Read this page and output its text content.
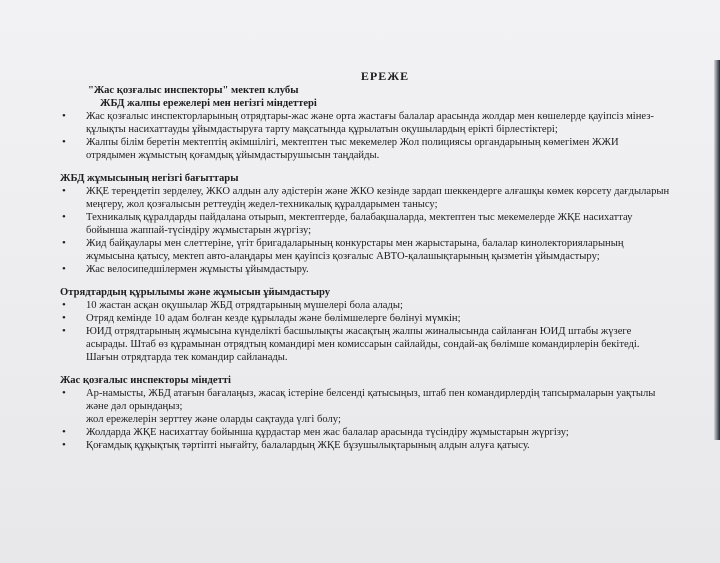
ЕРЕЖЕ
"Жас қозғалыс инспекторы" мектеп клубы

ЖБД жалпы ережелері мен негізгі міндеттері

• Жас қозғалыс инспекторларының отрядтары-жас және орта жастағы балалар арасында жолдар мен көшелерде қауіпсіз мінез-құлықты насихаттауды ұйымдастыруға тарту мақсатында құрылатын оқушылардың ерікті бірлестіктері;
• Жалпы білім беретін мектептің әкімшілігі, мектептен тыс мекемелер Жол полициясы органдарының көмегімен ЖЖИ отрядымен жұмыстың қоғамдық ұйымдастырушысын таңдайды.

ЖБД жұмысының негізгі бағыттары

• ЖҚЕ тереңдетіп зерделеу, ЖКО алдын алу әдістерін және ЖКО кезінде зардап шеккендерге алғашқы көмек көрсету дағдыларын меңгеру, жол қозғалысын реттеудің жедел-техникалық құралдарымен танысу;
• Техникалық құралдарды пайдалана отырып, мектептерде, балабақшаларда, мектептен тыс мекемелерде ЖҚЕ насихаттау бойынша жаппай-түсіндіру жұмыстарын жүргізу;
• Жид байқаулары мен слеттеріне, үгіт бригадаларының конкурстары мен жарыстарына, балалар кинолекторияларының жұмысына қатысу, мектеп авто-алаңдары мен қауіпсіз қозғалыс АВТО-қалашықтарының қызметін ұйымдастыру;
• Жас велосипедшілермен жұмысты ұйымдастыру.

Отрядтардың құрылымы және жұмысын ұйымдастыру

• 10 жастан асқан оқушылар ЖБД отрядтарының мүшелері бола алады;
• Отряд кемінде 10 адам болған кезде құрылады және бөлімшелерге бөлінуі мүмкін;
• ЮИД отрядтарының жұмысына күнделікті басшылықты жасақтың жалпы жиналысында сайланған ЮИД штабы жүзеге асырады. Штаб өз құрамынан отрядтың командирі мен комиссарын сайлайды, сондай-ақ бөлімше командирлерін бекітеді. Шағын отрядтарда тек командир сайланады.

Жас қозғалыс инспекторы міндетті

• Ар-намысты, ЖБД атағын бағалаңыз, жасақ істеріне белсенді қатысыңыз, штаб пен командирлердің тапсырмаларын уақтылы және дәл орындаңыз;
жол ережелерін зерттеу және оларды сақтауда үлгі болу;
• Жолдарда ЖҚЕ насихаттау бойынша құрдастар мен жас балалар арасында түсіндіру жұмыстарын жүргізу;
• Қоғамдық құқықтық тәртіпті нығайту, балалардың ЖҚЕ бұзушылықтарының алдын алуға қатысу.
